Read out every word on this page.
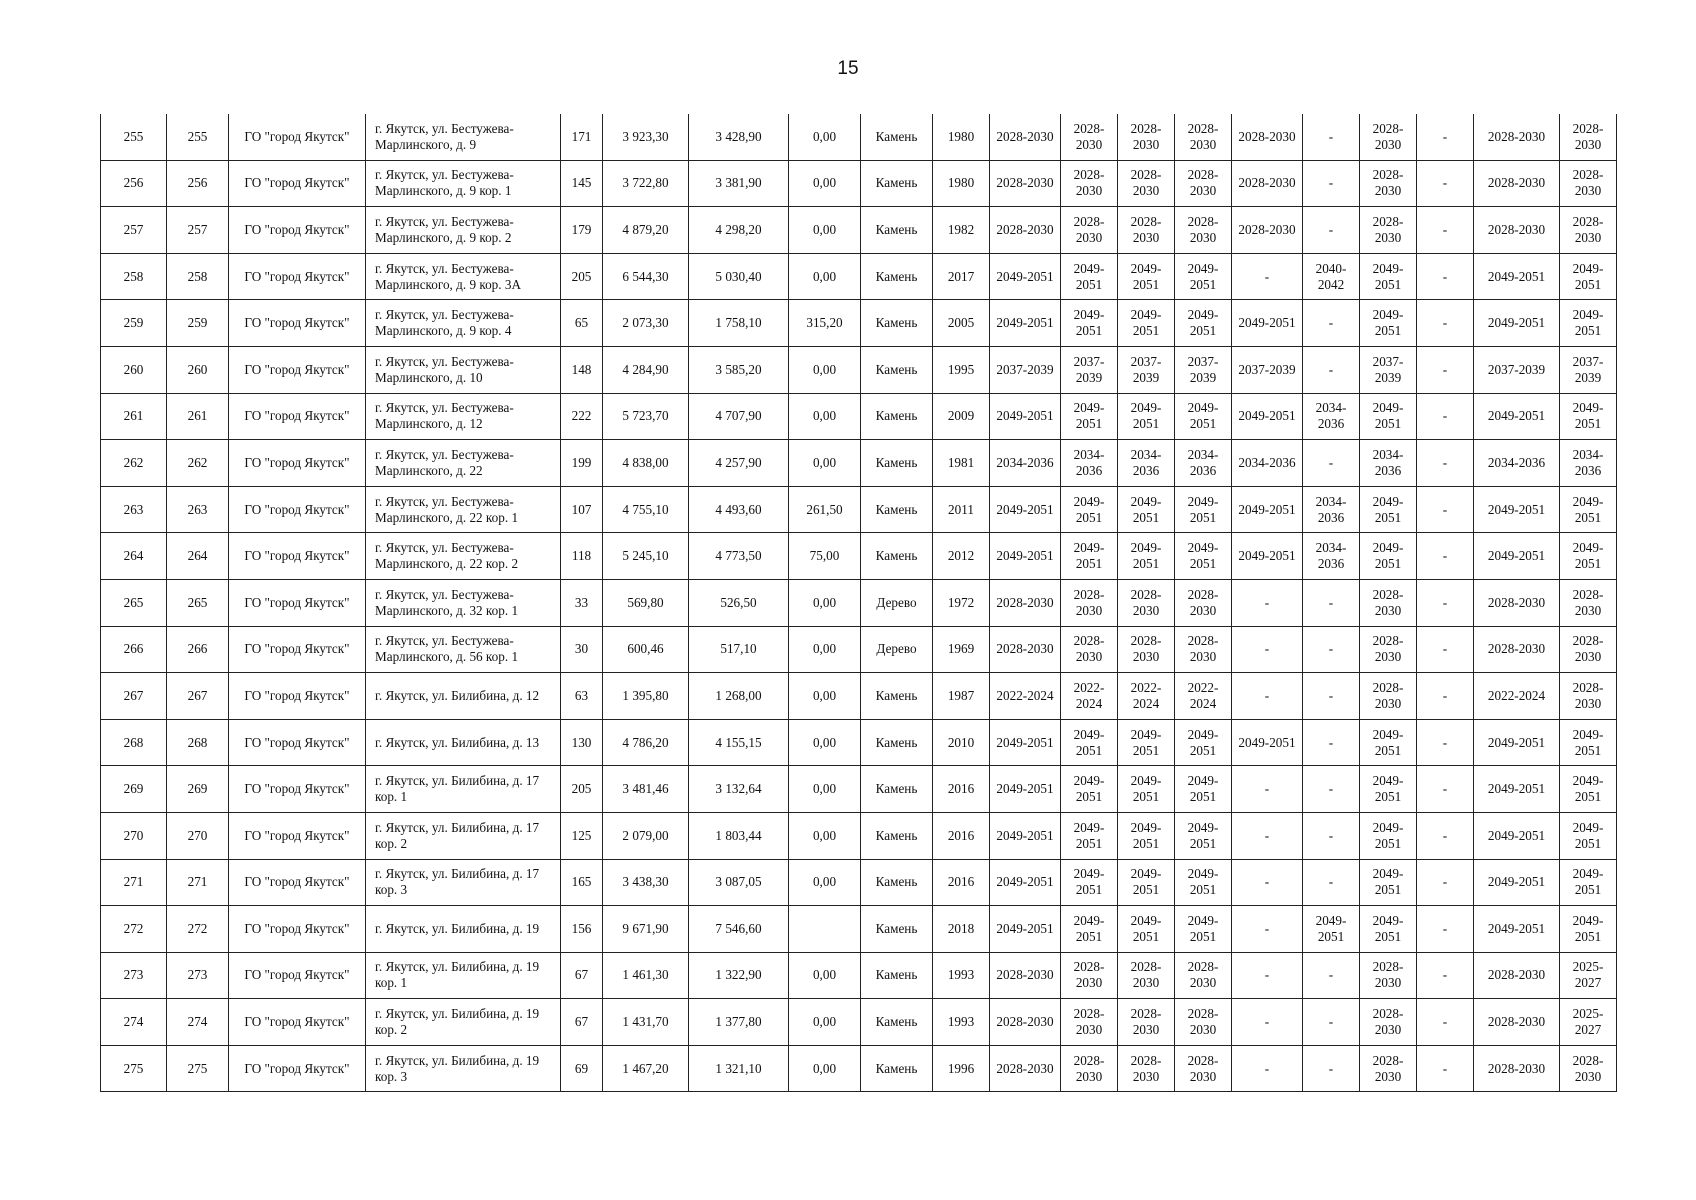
15
255	255	ГО "город Якутск"	г. Якутск, ул. Бестужева-Марлинского, д. 9	171	3 923,30	3 428,90	0,00	Камень	1980	2028-2030	2028-2030	2028-2030	2028-2030	2028-2030	-	2028-2030	-	2028-2030	2028-2030
256	256	ГО "город Якутск"	г. Якутск, ул. Бестужева-Марлинского, д. 9 кор. 1	145	3 722,80	3 381,90	0,00	Камень	1980	2028-2030	2028-2030	2028-2030	2028-2030	2028-2030	-	2028-2030	-	2028-2030	2028-2030
257	257	ГО "город Якутск"	г. Якутск, ул. Бестужева-Марлинского, д. 9 кор. 2	179	4 879,20	4 298,20	0,00	Камень	1982	2028-2030	2028-2030	2028-2030	2028-2030	2028-2030	-	2028-2030	-	2028-2030	2028-2030
258	258	ГО "город Якутск"	г. Якутск, ул. Бестужева-Марлинского, д. 9 кор. 3А	205	6 544,30	5 030,40	0,00	Камень	2017	2049-2051	2049-2051	2049-2051	2049-2051	-	2040-2042	2049-2051	-	2049-2051	2049-2051
259	259	ГО "город Якутск"	г. Якутск, ул. Бестужева-Марлинского, д. 9 кор. 4	65	2 073,30	1 758,10	315,20	Камень	2005	2049-2051	2049-2051	2049-2051	2049-2051	2049-2051	-	2049-2051	-	2049-2051	2049-2051
260	260	ГО "город Якутск"	г. Якутск, ул. Бестужева-Марлинского, д. 10	148	4 284,90	3 585,20	0,00	Камень	1995	2037-2039	2037-2039	2037-2039	2037-2039	2037-2039	-	2037-2039	-	2037-2039	2037-2039
261	261	ГО "город Якутск"	г. Якутск, ул. Бестужева-Марлинского, д. 12	222	5 723,70	4 707,90	0,00	Камень	2009	2049-2051	2049-2051	2049-2051	2049-2051	2049-2051	2034-2036	2049-2051	-	2049-2051	2049-2051
262	262	ГО "город Якутск"	г. Якутск, ул. Бестужева-Марлинского, д. 22	199	4 838,00	4 257,90	0,00	Камень	1981	2034-2036	2034-2036	2034-2036	2034-2036	2034-2036	-	2034-2036	-	2034-2036	2034-2036
263	263	ГО "город Якутск"	г. Якутск, ул. Бестужева-Марлинского, д. 22 кор. 1	107	4 755,10	4 493,60	261,50	Камень	2011	2049-2051	2049-2051	2049-2051	2049-2051	2049-2051	2034-2036	2049-2051	-	2049-2051	2049-2051
264	264	ГО "город Якутск"	г. Якутск, ул. Бестужева-Марлинского, д. 22 кор. 2	118	5 245,10	4 773,50	75,00	Камень	2012	2049-2051	2049-2051	2049-2051	2049-2051	2049-2051	2034-2036	2049-2051	-	2049-2051	2049-2051
265	265	ГО "город Якутск"	г. Якутск, ул. Бестужева-Марлинского, д. 32 кор. 1	33	569,80	526,50	0,00	Дерево	1972	2028-2030	2028-2030	2028-2030	2028-2030	-	-	2028-2030	-	2028-2030	2028-2030
266	266	ГО "город Якутск"	г. Якутск, ул. Бестужева-Марлинского, д. 56 кор. 1	30	600,46	517,10	0,00	Дерево	1969	2028-2030	2028-2030	2028-2030	2028-2030	-	-	2028-2030	-	2028-2030	2028-2030
267	267	ГО "город Якутск"	г. Якутск, ул. Билибина, д. 12	63	1 395,80	1 268,00	0,00	Камень	1987	2022-2024	2022-2024	2022-2024	2022-2024	-	-	2028-2030	-	2022-2024	2028-2030
268	268	ГО "город Якутск"	г. Якутск, ул. Билибина, д. 13	130	4 786,20	4 155,15	0,00	Камень	2010	2049-2051	2049-2051	2049-2051	2049-2051	2049-2051	-	2049-2051	-	2049-2051	2049-2051
269	269	ГО "город Якутск"	г. Якутск, ул. Билибина, д. 17 кор. 1	205	3 481,46	3 132,64	0,00	Камень	2016	2049-2051	2049-2051	2049-2051	2049-2051	-	-	2049-2051	-	2049-2051	2049-2051
270	270	ГО "город Якутск"	г. Якутск, ул. Билибина, д. 17 кор. 2	125	2 079,00	1 803,44	0,00	Камень	2016	2049-2051	2049-2051	2049-2051	2049-2051	-	-	2049-2051	-	2049-2051	2049-2051
271	271	ГО "город Якутск"	г. Якутск, ул. Билибина, д. 17 кор. 3	165	3 438,30	3 087,05	0,00	Камень	2016	2049-2051	2049-2051	2049-2051	2049-2051	-	-	2049-2051	-	2049-2051	2049-2051
272	272	ГО "город Якутск"	г. Якутск, ул. Билибина, д. 19	156	9 671,90	7 546,60		Камень	2018	2049-2051	2049-2051	2049-2051	2049-2051	-	2049-2051	2049-2051	-	2049-2051	2049-2051
273	273	ГО "город Якутск"	г. Якутск, ул. Билибина, д. 19 кор. 1	67	1 461,30	1 322,90	0,00	Камень	1993	2028-2030	2028-2030	2028-2030	2028-2030	-	-	2028-2030	-	2028-2030	2025-2027
274	274	ГО "город Якутск"	г. Якутск, ул. Билибина, д. 19 кор. 2	67	1 431,70	1 377,80	0,00	Камень	1993	2028-2030	2028-2030	2028-2030	2028-2030	-	-	2028-2030	-	2028-2030	2025-2027
275	275	ГО "город Якутск"	г. Якутск, ул. Билибина, д. 19 кор. 3	69	1 467,20	1 321,10	0,00	Камень	1996	2028-2030	2028-2030	2028-2030	2028-2030	-	-	2028-2030	-	2028-2030	2028-2030
